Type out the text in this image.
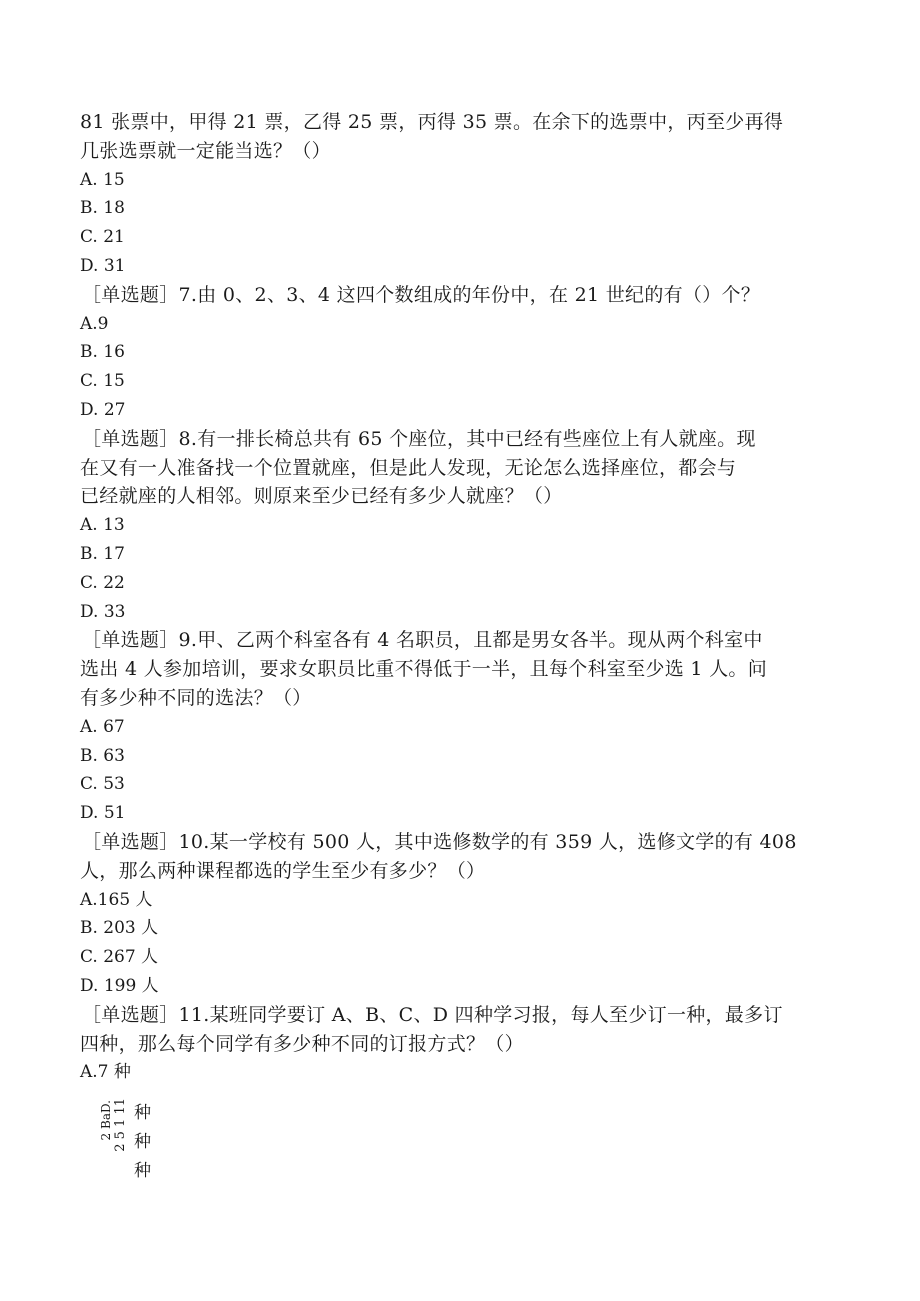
81 张票中，甲得 21 票，乙得 25 票，丙得 35 票。在余下的选票中，丙至少再得
几张选票就一定能当选？（）
A. 15
B. 18
C. 21
D. 31
［单选题］7.由 0、2、3、4 这四个数组成的年份中，在 21 世纪的有（）个？
A.9
B. 16
C. 15
D. 27
［单选题］8.有一排长椅总共有 65 个座位，其中已经有些座位上有人就座。现
在又有一人准备找一个位置就座，但是此人发现，无论怎么选择座位，都会与
已经就座的人相邻。则原来至少已经有多少人就座？（）
A. 13
B. 17
C. 22
D. 33
［单选题］9.甲、乙两个科室各有 4 名职员，且都是男女各半。现从两个科室中
选出 4 人参加培训，要求女职员比重不得低于一半，且每个科室至少选 1 人。问
有多少种不同的选法？（）
A. 67
B. 63
C. 53
D. 51
［单选题］10.某一学校有 500 人，其中选修数学的有 359 人，选修文学的有 408
人，那么两种课程都选的学生至少有多少？（）
A.165 人
B. 203 人
C. 267 人
D. 199 人
［单选题］11.某班同学要订 A、B、C、D 四种学习报，每人至少订一种，最多订
四种，那么每个同学有多少种不同的订报方式？（）
A.7 种
2 BaD. 2 5 1 11 种
种
种
